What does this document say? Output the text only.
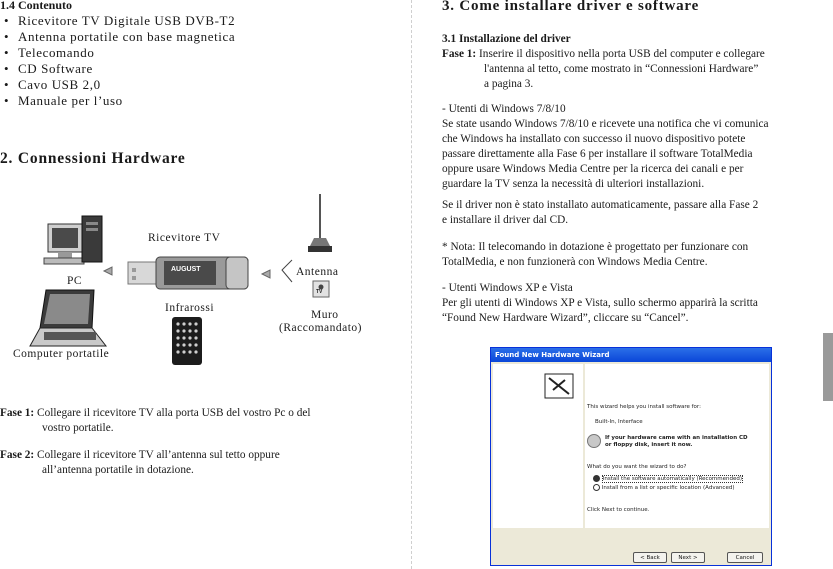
1.4 Contenuto
• Ricevitore TV Digitale USB DVB-T2
• Antenna portatile con base magnetica
• Telecomando
• CD Software
• Cavo USB 2,0
• Manuale per l’uso
2. Connessioni Hardware
PC
Computer portatile
Ricevitore TV
AUGUST
Infrarossi
Antenna
TV
Muro
(Raccomandato)
Fase 1: Collegare il ricevitore TV alla porta USB del vostro Pc o del
vostro portatile.
Fase 2: Collegare il ricevitore TV all’antenna sul tetto oppure
all’antenna portatile in dotazione.
3. Come installare driver e software
3.1 Installazione del driver
Fase 1: Inserire il dispositivo nella porta USB del computer e collegare
l'antenna al tetto, come mostrato in “Connessioni Hardware”
a pagina 3.
- Utenti di Windows 7/8/10
Se state usando Windows 7/8/10 e ricevete una notifica che vi comunica
che Windows ha installato con successo il nuovo dispositivo potete
passare direttamente alla Fase 6 per installare il software TotalMedia
oppure usare Windows Media Centre per la ricerca dei canali e per
guardare la TV senza la necessità di ulteriori installazioni.
Se il driver non è stato installato automaticamente, passare alla Fase 2
e installare il driver dal CD.
* Nota: Il telecomando in dotazione è progettato per funzionare con
TotalMedia, e non funzionerà con Windows Media Centre.
- Utenti Windows XP e Vista
Per gli utenti di Windows XP e Vista, sullo schermo apparirà la scritta
“Found New Hardware Wizard”, cliccare su “Cancel”.
Found New Hardware Wizard
This wizard helps you install software for:
Built-In, Interface
If your hardware came with an installation CD
or floppy disk, insert it now.
What do you want the wizard to do?
Install the software automatically (Recommended)
Install from a list or specific location (Advanced)
Click Next to continue.
< Back	Next >	Cancel
